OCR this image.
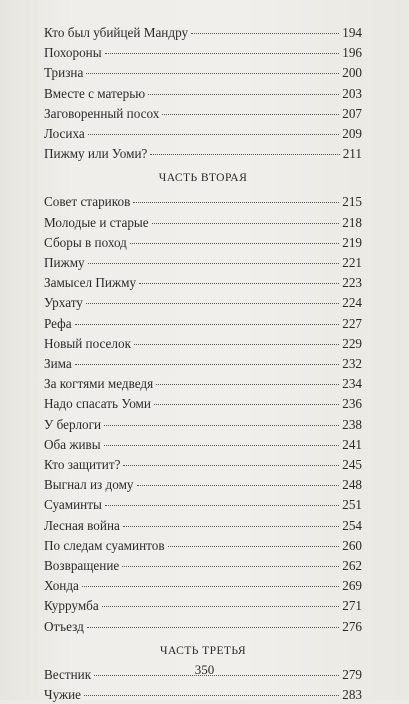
Кто был убийцей Мандру	194
Похороны	196
Тризна	200
Вместе с матерью	203
Заговоренный посох	207
Лосиха	209
Пижму или Уоми?	211
ЧАСТЬ ВТОРАЯ
Совет стариков	215
Молодые и старые	218
Сборы в поход	219
Пижму	221
Замысел Пижму	223
Урхату	224
Рефа	227
Новый поселок	229
Зима	232
За когтями медведя	234
Надо спасать Уоми	236
У берлоги	238
Оба живы	241
Кто защитит?	245
Выгнал из дому	248
Суаминты	251
Лесная война	254
По следам суаминтов	260
Возвращение	262
Хонда	269
Куррумба	271
Отъезд	276
ЧАСТЬ ТРЕТЬЯ
Вестник	279
Чужие	283
350
